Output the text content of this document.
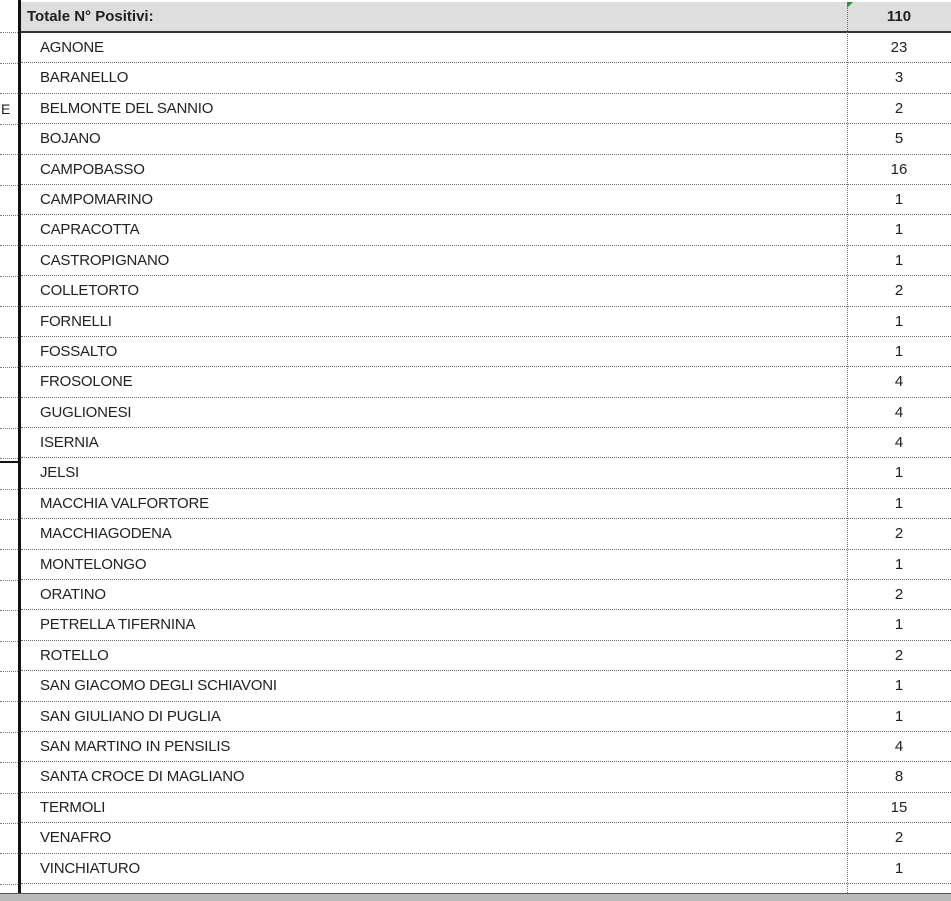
E
Totale N° Positivi:	110
AGNONE	23
BARANELLO	3
BELMONTE DEL SANNIO	2
BOJANO	5
CAMPOBASSO	16
CAMPOMARINO	1
CAPRACOTTA	1
CASTROPIGNANO	1
COLLETORTO	2
FORNELLI	1
FOSSALTO	1
FROSOLONE	4
GUGLIONESI	4
ISERNIA	4
JELSI	1
MACCHIA VALFORTORE	1
MACCHIAGODENA	2
MONTELONGO	1
ORATINO	2
PETRELLA TIFERNINA	1
ROTELLO	2
SAN GIACOMO DEGLI SCHIAVONI	1
SAN GIULIANO DI PUGLIA	1
SAN MARTINO IN PENSILIS	4
SANTA CROCE DI MAGLIANO	8
TERMOLI	15
VENAFRO	2
VINCHIATURO	1
